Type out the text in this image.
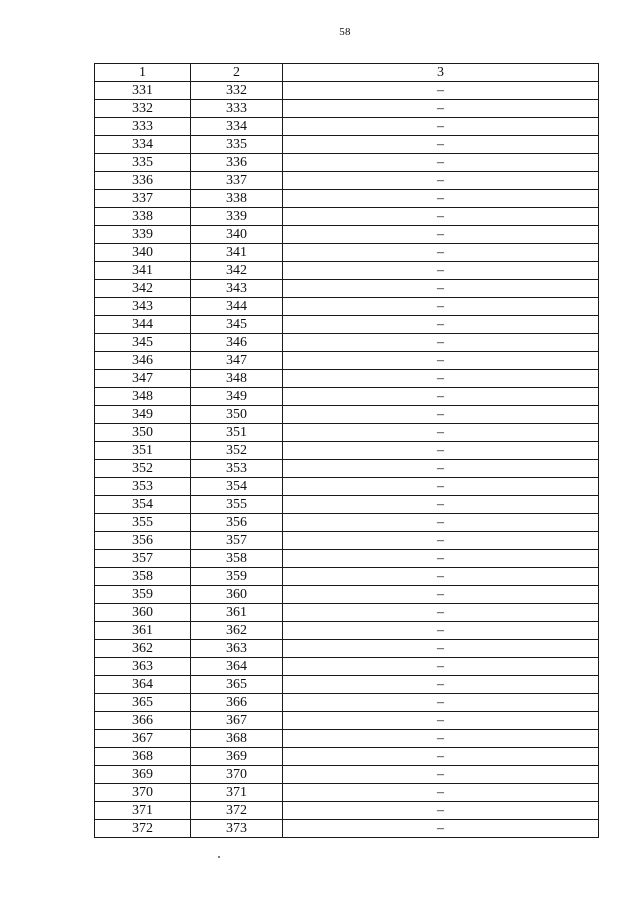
58
1	2	3
331	332	–
332	333	–
333	334	–
334	335	–
335	336	–
336	337	–
337	338	–
338	339	–
339	340	–
340	341	–
341	342	–
342	343	–
343	344	–
344	345	–
345	346	–
346	347	–
347	348	–
348	349	–
349	350	–
350	351	–
351	352	–
352	353	–
353	354	–
354	355	–
355	356	–
356	357	–
357	358	–
358	359	–
359	360	–
360	361	–
361	362	–
362	363	–
363	364	–
364	365	–
365	366	–
366	367	–
367	368	–
368	369	–
369	370	–
370	371	–
371	372	–
372	373	–
